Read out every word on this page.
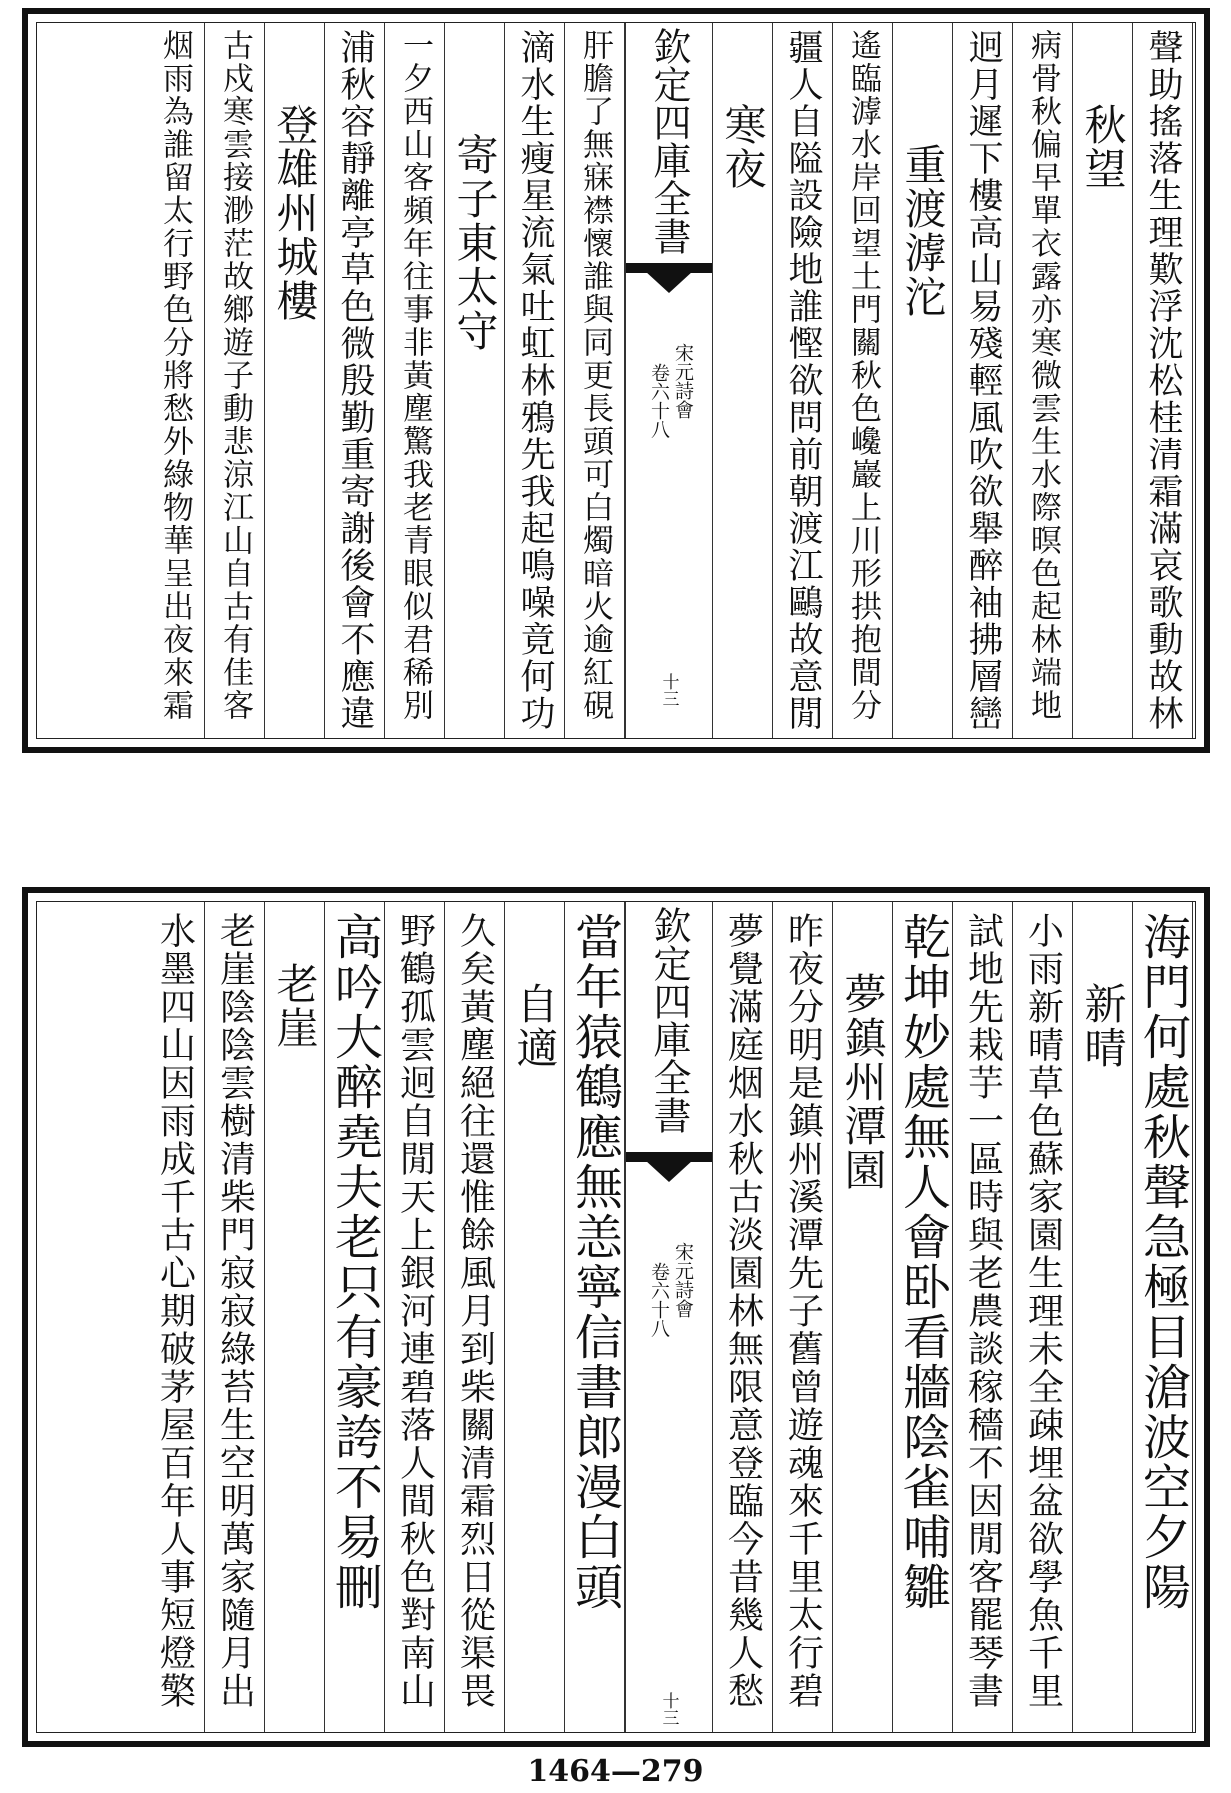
聲助搖落生理歎浮沈松桂清霜滿哀歌動故林
秋望
病骨秋偏早單衣露亦寒微雲生水際暝色起林端地
迥月遲下樓高山易殘輕風吹欲舉醉袖拂層巒
重渡滹沱
遙臨滹水岸回望土門關秋色巉巖上川形拱抱間分
疆人自隘設險地誰慳欲問前朝渡江鷗故意閒
寒夜
欽定四庫全書
宋元詩會
卷六十八
十三
肝膽了無寐襟懷誰與同更長頭可白燭暗火逾紅硯
滴水生瘦星流氣吐虹林鴉先我起鳴噪竟何功
寄子東太守
一夕西山客頻年往事非黃塵驚我老青眼似君稀別
浦秋容靜離亭草色微殷勤重寄謝後會不應違
登雄州城樓
古戍寒雲接渺茫故鄉遊子動悲涼江山自古有佳客
烟雨為誰留太行野色分將愁外綠物華呈出夜來霜
海門何處秋聲急極目滄波空夕陽
新晴
小雨新晴草色蘇家園生理未全疎埋盆欲學魚千里
試地先栽芋一區時與老農談稼穡不因閒客罷琴書
乾坤妙處無人會卧看牆陰雀哺雛
夢鎮州潭園
昨夜分明是鎮州溪潭先子舊曾遊魂來千里太行碧
夢覺滿庭烟水秋古淡園林無限意登臨今昔幾人愁
欽定四庫全書
宋元詩會
卷六十八
十三
當年猿鶴應無恙寧信書郎漫白頭
自適
久矣黃塵絕往還惟餘風月到柴關清霜烈日從渠畏
野鶴孤雲迥自閒天上銀河連碧落人間秋色對南山
高吟大醉堯夫老只有豪誇不易刪
老崖
老崖陰陰雲樹清柴門寂寂綠苔生空明萬家隨月出
水墨四山因雨成千古心期破茅屋百年人事短燈檠
1464—279
